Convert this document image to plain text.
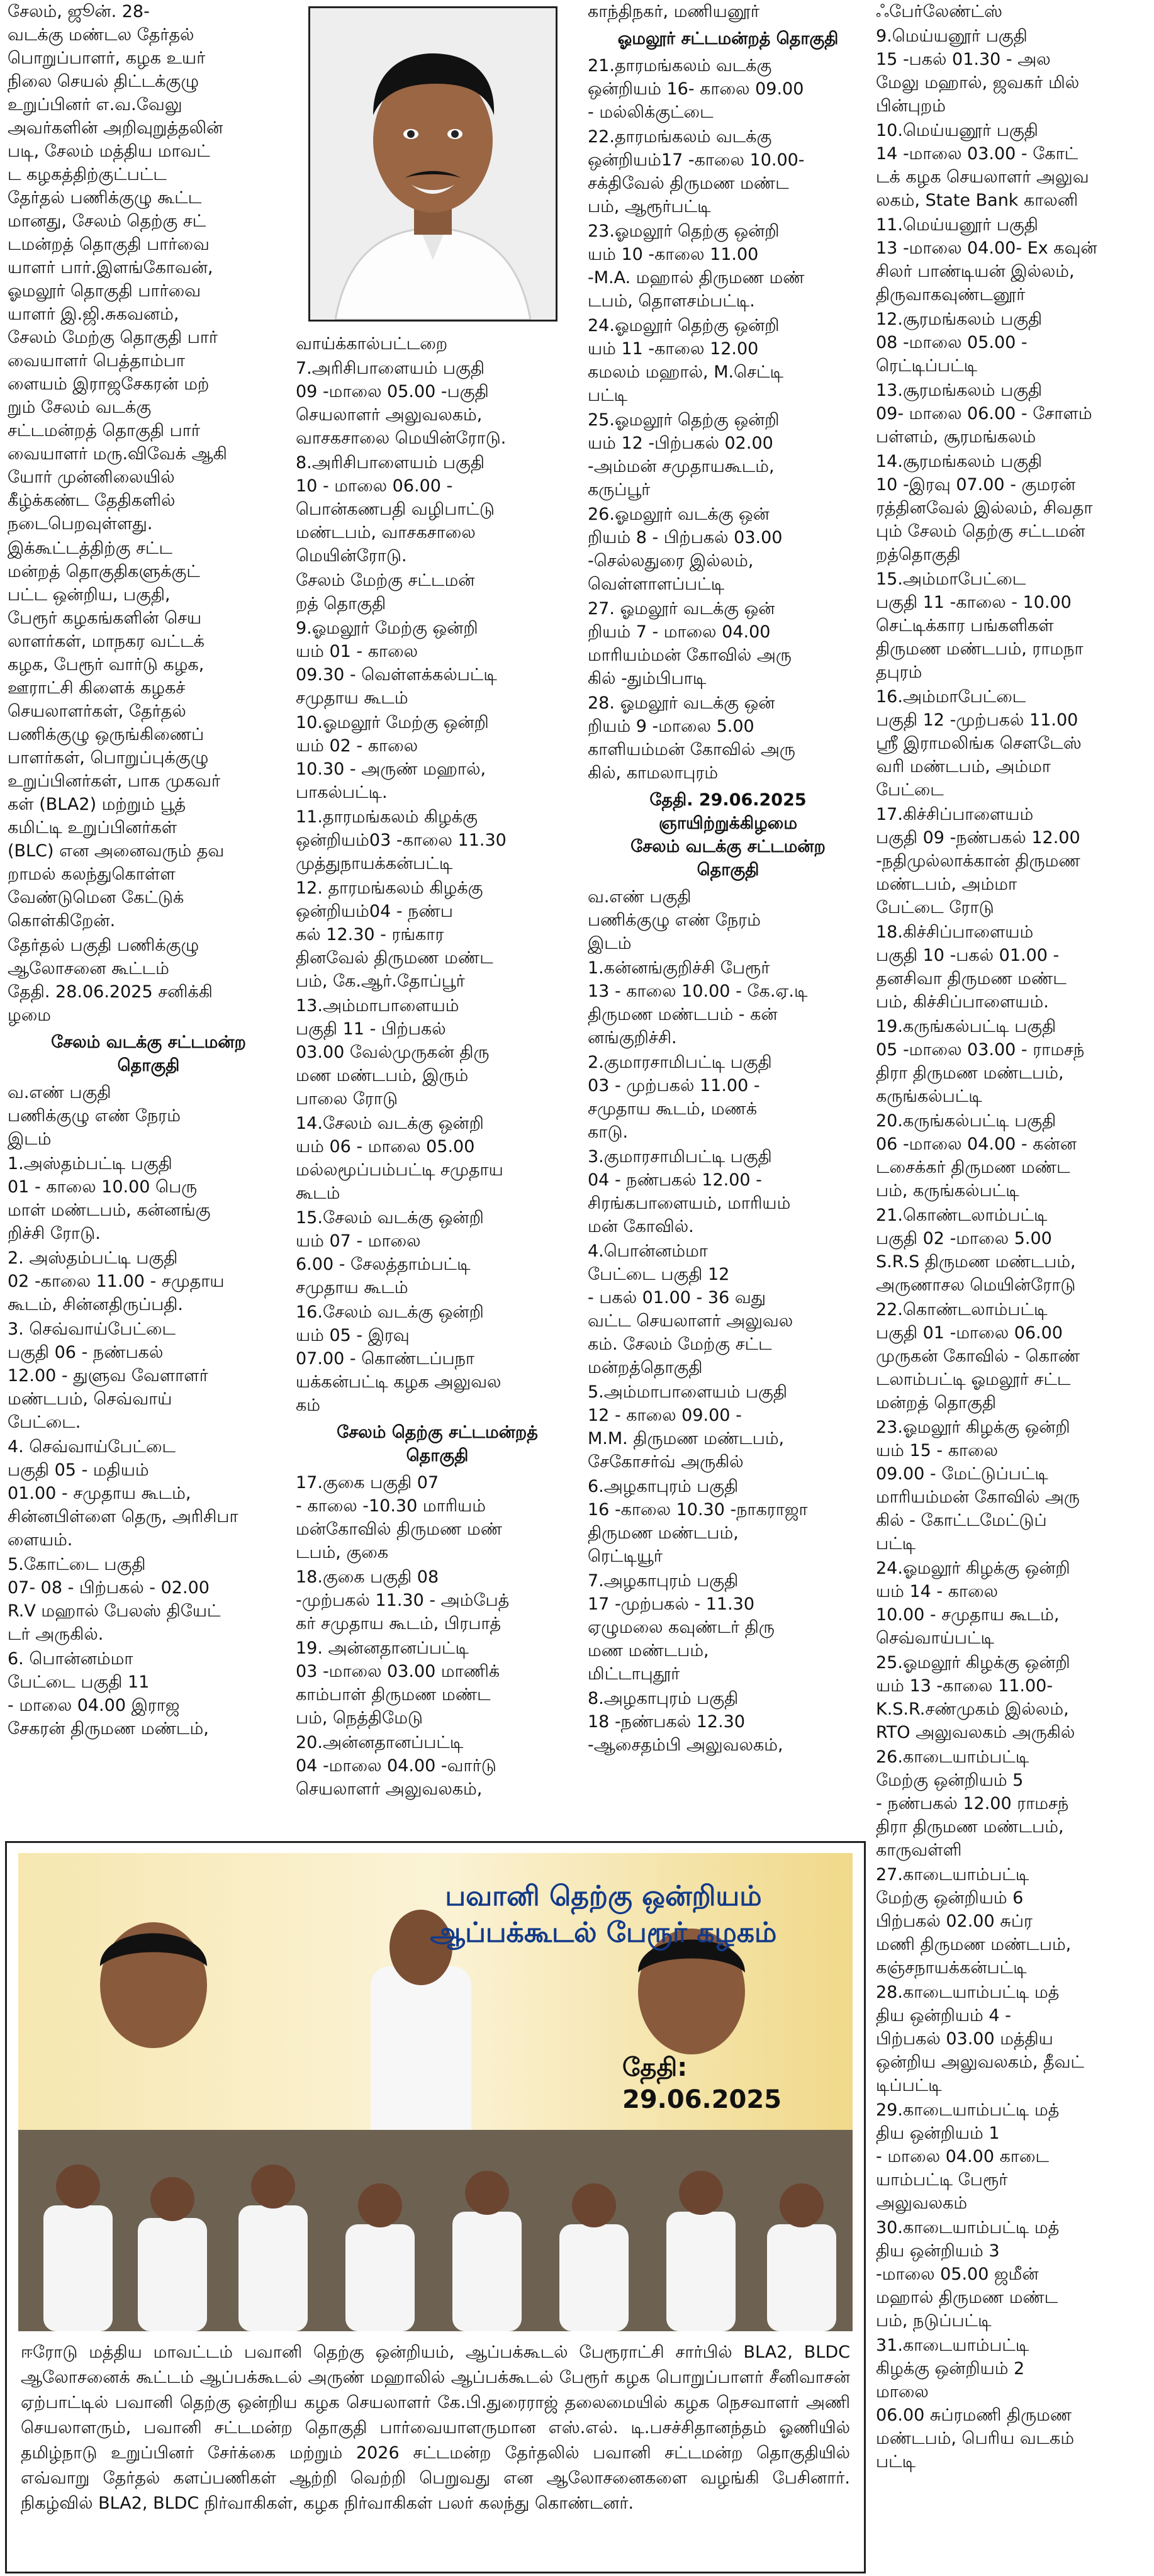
சேலம், ஜூன். 28-
வடக்கு மண்டல தேர்தல்
பொறுப்பாளர், கழக உயர்
நிலை செயல் திட்டக்குழு
உறுப்பினர் எ.வ.வேலு
அவர்களின் அறிவுறுத்தலின்
படி, சேலம் மத்திய மாவட்
ட கழகத்திற்குட்பட்ட
தேர்தல் பணிக்குழு கூட்ட
மானது, சேலம் தெற்கு சட்
டமன்றத் தொகுதி பார்வை
யாளர் பார்.இளங்கோவன்,
ஓமலூர் தொகுதி பார்வை
யாளர் இ.ஜி.சுகவனம்,
சேலம் மேற்கு தொகுதி பார்
வையாளர் பெத்தாம்பா
ளையம் இராஜசேகரன் மற்
றும் சேலம் வடக்கு
சட்டமன்றத் தொகுதி பார்
வையாளர் மரு.விவேக் ஆகி
யோர் முன்னிலையில்
கீழ்க்கண்ட தேதிகளில்
நடைபெறவுள்ளது.

இக்கூட்டத்திற்கு சட்ட
மன்றத் தொகுதிகளுக்குட்
பட்ட ஒன்றிய, பகுதி,
பேரூர் கழகங்களின் செய
லாளர்கள், மாநகர வட்டக்
கழக, பேரூர் வார்டு கழக,
ஊராட்சி கிளைக் கழகச்
செயலாளர்கள், தேர்தல்
பணிக்குழு ஒருங்கிணைப்
பாளர்கள், பொறுப்புக்குழு
உறுப்பினர்கள், பாக முகவர்
கள் (BLA2) மற்றும் பூத்
கமிட்டி உறுப்பினர்கள்
(BLC) என அனைவரும் தவ
றாமல் கலந்துகொள்ள
வேண்டுமென கேட்டுக்
கொள்கிறேன்.

தேர்தல் பகுதி பணிக்குழு
ஆலோசனை கூட்டம்
தேதி. 28.06.2025 சனிக்கி
ழமை

சேலம் வடக்கு சட்டமன்ற
தொகுதி

வ.எண் பகுதி
பணிக்குழு எண் நேரம்
இடம்

1.அஸ்தம்பட்டி பகுதி
01 - காலை 10.00 பெரு
மாள் மண்டபம், கன்னங்கு
றிச்சி ரோடு.

2. அஸ்தம்பட்டி பகுதி
02 -காலை 11.00 - சமுதாய
கூடம், சின்னதிருப்பதி.

3. செவ்வாய்பேட்டை
பகுதி 06 - நண்பகல்
12.00 - துளுவ வேளாளர்
மண்டபம், செவ்வாய்
பேட்டை.

4. செவ்வாய்பேட்டை
பகுதி 05 - மதியம்
01.00 - சமுதாய கூடம்,
சின்னபிள்ளை தெரு, அரிசிபா
ளையம்.

5.கோட்டை பகுதி
07- 08 - பிற்பகல் - 02.00
R.V மஹால் பேலஸ் தியேட்
டர் அருகில்.

6. பொன்னம்மா
பேட்டை பகுதி 11
- மாலை 04.00 இராஜ
சேகரன் திருமண மண்டம்,

வாய்க்கால்பட்டறை

7.அரிசிபாளையம் பகுதி
09 -மாலை 05.00 -பகுதி
செயலாளர் அலுவலகம்,
வாசகசாலை மெயின்ரோடு.

8.அரிசிபாளையம் பகுதி
10 - மாலை 06.00 -
பொன்கணபதி வழிபாட்டு
மண்டபம், வாசகசாலை
மெயின்ரோடு.

சேலம் மேற்கு சட்டமன்
றத் தொகுதி

9.ஓமலூர் மேற்கு ஒன்றி
யம் 01 - காலை
09.30 - வெள்ளக்கல்பட்டி
சமுதாய கூடம்

10.ஓமலூர் மேற்கு ஒன்றி
யம் 02 - காலை
10.30 - அருண் மஹால்,
பாகல்பட்டி.

11.தாரமங்கலம் கிழக்கு
ஒன்றியம்03 -காலை 11.30
முத்துநாயக்கன்பட்டி

12. தாரமங்கலம் கிழக்கு
ஒன்றியம்04 - நண்ப
கல் 12.30 - ரங்கார
தினவேல் திருமண மண்ட
பம், கே.ஆர்.தோப்பூர்

13.அம்மாபாளையம்
பகுதி 11 - பிற்பகல்
03.00 வேல்முருகன் திரு
மண மண்டபம், இரும்
பாலை ரோடு

14.சேலம் வடக்கு ஒன்றி
யம் 06 - மாலை 05.00
மல்லமூப்பம்பட்டி சமுதாய
கூடம்

15.சேலம் வடக்கு ஒன்றி
யம் 07 - மாலை
6.00 - சேலத்தாம்பட்டி
சமுதாய கூடம்

16.சேலம் வடக்கு ஒன்றி
யம் 05 - இரவு
07.00 - கொண்டப்பநா
யக்கன்பட்டி கழக அலுவல
கம்

சேலம் தெற்கு சட்டமன்றத்
தொகுதி

17.குகை பகுதி 07
- காலை -10.30 மாரியம்
மன்கோவில் திருமண மண்
டபம், குகை

18.குகை பகுதி 08
-முற்பகல் 11.30 - அம்பேத்
கர் சமுதாய கூடம், பிரபாத்

19. அன்னதானப்பட்டி
03 -மாலை 03.00 மாணிக்
காம்பாள் திருமண மண்ட
பம், நெத்திமேடு

20.அன்னதானப்பட்டி
04 -மாலை 04.00 -வார்டு
செயலாளர் அலுவலகம்,

காந்திநகர், மணியனூர்

ஓமலூர் சட்டமன்றத் தொகுதி

21.தாரமங்கலம் வடக்கு
ஒன்றியம் 16- காலை 09.00
- மல்லிக்குட்டை

22.தாரமங்கலம் வடக்கு
ஒன்றியம்17 -காலை 10.00-
சக்திவேல் திருமண மண்ட
பம், ஆரூர்பட்டி

23.ஓமலூர் தெற்கு ஒன்றி
யம் 10 -காலை 11.00
-M.A. மஹால் திருமண மண்
டபம், தொளசம்பட்டி.

24.ஓமலூர் தெற்கு ஒன்றி
யம் 11 -காலை 12.00
கமலம் மஹால், M.செட்டி
பட்டி

25.ஓமலூர் தெற்கு ஒன்றி
யம் 12 -பிற்பகல் 02.00
-அம்மன் சமுதாயகூடம்,
கருப்பூர்

26.ஓமலூர் வடக்கு ஒன்
றியம் 8 - பிற்பகல் 03.00
-செல்லதுரை இல்லம்,
வெள்ளாளப்பட்டி

27. ஓமலூர் வடக்கு ஒன்
றியம் 7 - மாலை 04.00
மாரியம்மன் கோவில் அரு
கில் -தும்பிபாடி

28. ஓமலூர் வடக்கு ஒன்
றியம் 9 -மாலை 5.00
காளியம்மன் கோவில் அரு
கில், காமலாபுரம்

தேதி. 29.06.2025
ஞாயிற்றுக்கிழமை
சேலம் வடக்கு சட்டமன்ற
தொகுதி

வ.எண் பகுதி
பணிக்குழு எண் நேரம்
இடம்

1.கன்னங்குறிச்சி பேரூர்
13 - காலை 10.00 - கே.ஏ.டி
திருமண மண்டபம் - கன்
னங்குறிச்சி.

2.குமாரசாமிபட்டி பகுதி
03 - முற்பகல் 11.00 -
சமுதாய கூடம், மணக்
காடு.

3.குமாரசாமிபட்டி பகுதி
04 - நண்பகல் 12.00 -
சிரங்கபாளையம், மாரியம்
மன் கோவில்.

4.பொன்னம்மா
பேட்டை பகுதி 12
- பகல் 01.00 - 36 வது
வட்ட செயலாளர் அலுவல
கம். சேலம் மேற்கு சட்ட
மன்றத்தொகுதி

5.அம்மாபாளையம் பகுதி
12 - காலை 09.00 -
M.M. திருமண மண்டபம்,
சேகோசர்வ் அருகில்

6.அழகாபுரம் பகுதி
16 -காலை 10.30 -நாகராஜா
திருமண மண்டபம்,
ரெட்டியூர்

7.அழகாபுரம் பகுதி
17 -முற்பகல் - 11.30
ஏழுமலை கவுண்டர் திரு
மண மண்டபம்,
மிட்டாபுதூர்

8.அழகாபுரம் பகுதி
18 -நண்பகல் 12.30
-ஆசைதம்பி அலுவலகம்,

ஃபேர்லேண்ட்ஸ்

9.மெய்யனூர் பகுதி
15 -பகல் 01.30 - அல
மேலு மஹால், ஜவகர் மில்
பின்புறம்

10.மெய்யனூர் பகுதி
14 -மாலை 03.00 - கோட்
டக் கழக செயலாளர் அலுவ
லகம், State Bank காலனி

11.மெய்யனூர் பகுதி
13 -மாலை 04.00- Ex கவுன்
சிலர் பாண்டியன் இல்லம்,
திருவாகவுண்டனூர்

12.சூரமங்கலம் பகுதி
08 -மாலை 05.00 -
ரெட்டிப்பட்டி

13.சூரமங்கலம் பகுதி
09- மாலை 06.00 - சோளம்
பள்ளம், சூரமங்கலம்

14.சூரமங்கலம் பகுதி
10 -இரவு 07.00 - குமரன்
ரத்தினவேல் இல்லம், சிவதா
பும் சேலம் தெற்கு சட்டமன்
றத்தொகுதி

15.அம்மாபேட்டை
பகுதி 11 -காலை - 10.00
செட்டிக்கார பங்களிகள்
திருமண மண்டபம், ராமநா
தபுரம்

16.அம்மாபேட்டை
பகுதி 12 -முற்பகல் 11.00
ஸ்ரீ இராமலிங்க சௌடேஸ்
வரி மண்டபம், அம்மா
பேட்டை

17.கிச்சிப்பாளையம்
பகுதி 09 -நண்பகல் 12.00
-நதிமுல்லாக்கான் திருமண
மண்டபம், அம்மா
பேட்டை ரோடு

18.கிச்சிப்பாளையம்
பகுதி 10 -பகல் 01.00 -
தனசிவா திருமண மண்ட
பம், கிச்சிப்பாளையம்.

19.கருங்கல்பட்டி பகுதி
05 -மாலை 03.00 - ராமசந்
திரா திருமண மண்டபம்,
கருங்கல்பட்டி

20.கருங்கல்பட்டி பகுதி
06 -மாலை 04.00 - கன்ன
டசைக்கர் திருமண மண்ட
பம், கருங்கல்பட்டி

21.கொண்டலாம்பட்டி
பகுதி 02 -மாலை 5.00
S.R.S திருமண மண்டபம்,
அருணாசல மெயின்ரோடு

22.கொண்டலாம்பட்டி
பகுதி 01 -மாலை 06.00
முருகன் கோவில் - கொண்
டலாம்பட்டி ஓமலூர் சட்ட
மன்றத் தொகுதி

23.ஓமலூர் கிழக்கு ஒன்றி
யம் 15 - காலை
09.00 - மேட்டுப்பட்டி
மாரியம்மன் கோவில் அரு
கில் - கோட்டமேட்டுப்
பட்டி

24.ஓமலூர் கிழக்கு ஒன்றி
யம் 14 - காலை
10.00 - சமுதாய கூடம்,
செவ்வாய்பட்டி

25.ஓமலூர் கிழக்கு ஒன்றி
யம் 13 -காலை 11.00-
K.S.R.சண்முகம் இல்லம்,
RTO அலுவலகம் அருகில்

26.காடையாம்பட்டி
மேற்கு ஒன்றியம் 5
- நண்பகல் 12.00 ராமசந்
திரா திருமண மண்டபம்,
காருவள்ளி

27.காடையாம்பட்டி
மேற்கு ஒன்றியம் 6
பிற்பகல் 02.00 சுப்ர
மணி திருமண மண்டபம்,
கஞ்சநாயக்கன்பட்டி

28.காடையாம்பட்டி மத்
திய ஒன்றியம் 4 -
பிற்பகல் 03.00 மத்திய
ஒன்றிய அலுவலகம், தீவட்
டிப்பட்டி

29.காடையாம்பட்டி மத்
திய ஒன்றியம் 1
- மாலை 04.00 காடை
யாம்பட்டி பேரூர்
அலுவலகம்

30.காடையாம்பட்டி மத்
திய ஒன்றியம் 3
-மாலை 05.00 ஜமீன்
மஹால் திருமண மண்ட
பம், நடுப்பட்டி

31.காடையாம்பட்டி
கிழக்கு ஒன்றியம் 2
மாலை
06.00 சுப்ரமணி திருமண
மண்டபம், பெரிய வடகம்
பட்டி

பவானி தெற்கு ஒன்றியம் ஆப்பக்கூடல் பேரூர் கழகம்
தேதி: 29.06.2025
ஈரோடு மத்திய மாவட்டம் பவானி தெற்கு ஒன்றியம், ஆப்பக்கூடல் பேரூராட்சி சார்பில் BLA2, BLDC ஆலோசனைக் கூட்டம் ஆப்பக்கூடல் அருண் மஹாலில் ஆப்பக்கூடல் பேரூர் கழக பொறுப்பாளர் சீனிவாசன் ஏற்பாட்டில் பவானி தெற்கு ஒன்றிய கழக செயலாளர் கே.பி.துரைராஜ் தலைமையில் கழக நெசவாளர் அணி செயலாளரும், பவானி சட்டமன்ற தொகுதி பார்வையாளருமான எஸ்.எல். டி.பசச்சிதானந்தம் ஓணியில் தமிழ்நாடு உறுப்பினர் சேர்க்கை மற்றும் 2026 சட்டமன்ற தேர்தலில் பவானி சட்டமன்ற தொகுதியில் எவ்வாறு தேர்தல் களப்பணிகள் ஆற்றி வெற்றி பெறுவது என ஆலோசனைகளை வழங்கி பேசினார். நிகழ்வில் BLA2, BLDC நிர்வாகிகள், கழக நிர்வாகிகள் பலர் கலந்து கொண்டனர்.
